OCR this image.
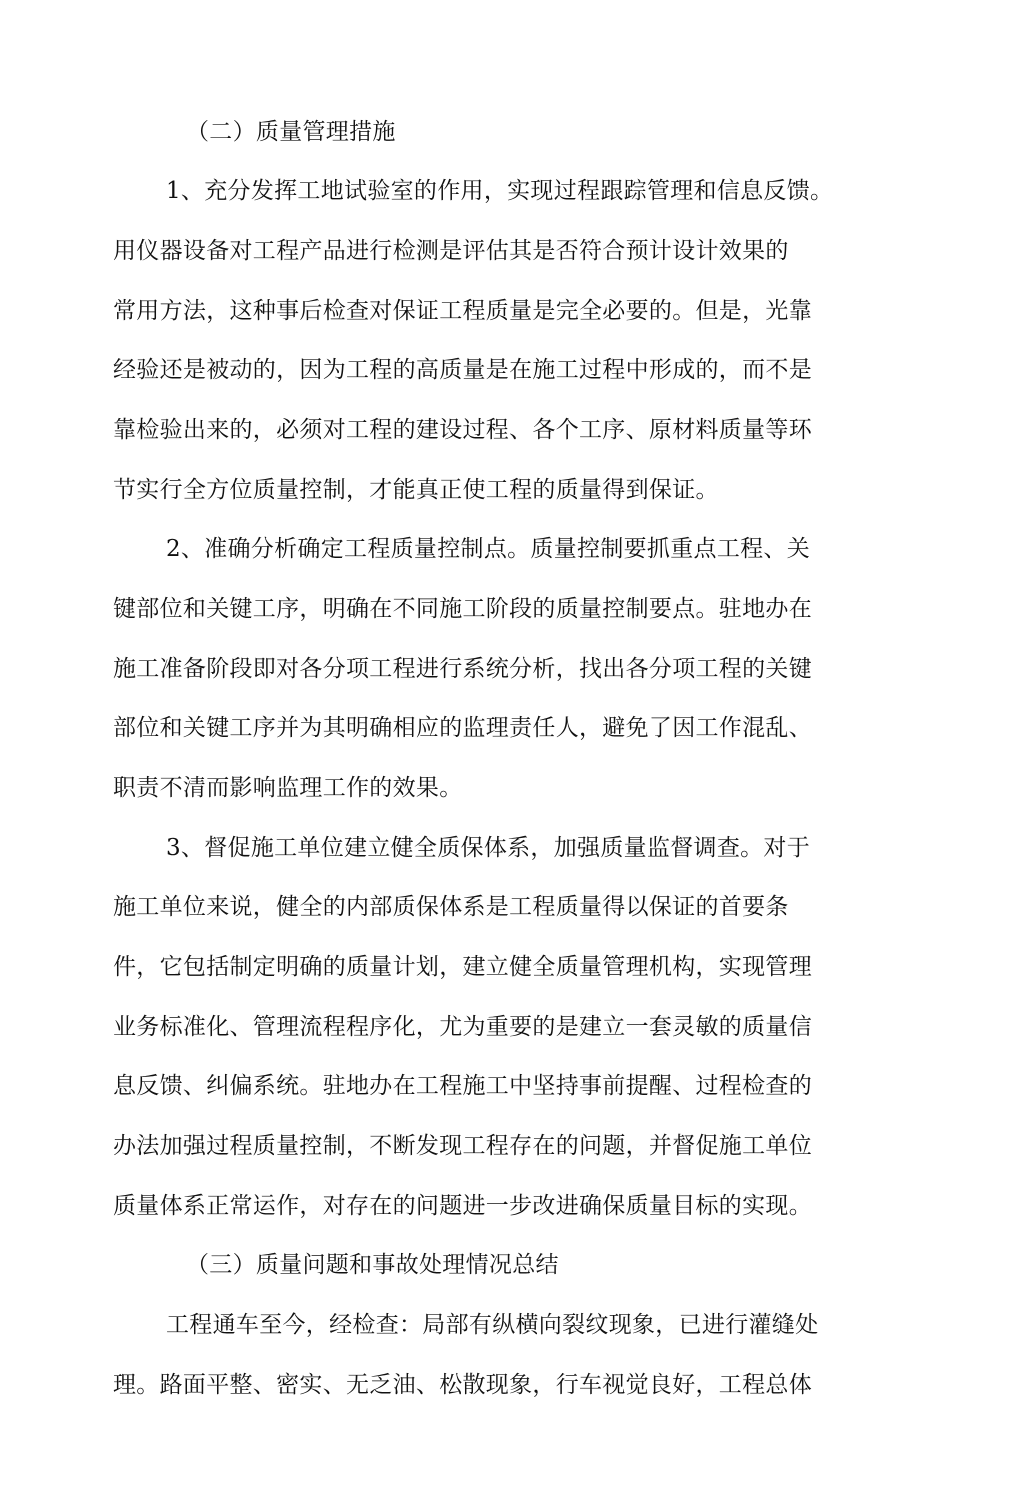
（二）质量管理措施
1、充分发挥工地试验室的作用，实现过程跟踪管理和信息反馈。
用仪器设备对工程产品进行检测是评估其是否符合预计设计效果的
常用方法，这种事后检查对保证工程质量是完全必要的。但是，光靠
经验还是被动的，因为工程的高质量是在施工过程中形成的，而不是
靠检验出来的，必须对工程的建设过程、各个工序、原材料质量等环
节实行全方位质量控制，才能真正使工程的质量得到保证。
2、准确分析确定工程质量控制点。质量控制要抓重点工程、关
键部位和关键工序，明确在不同施工阶段的质量控制要点。驻地办在
施工准备阶段即对各分项工程进行系统分析，找出各分项工程的关键
部位和关键工序并为其明确相应的监理责任人，避免了因工作混乱、
职责不清而影响监理工作的效果。
3、督促施工单位建立健全质保体系，加强质量监督调查。对于
施工单位来说，健全的内部质保体系是工程质量得以保证的首要条
件，它包括制定明确的质量计划，建立健全质量管理机构，实现管理
业务标准化、管理流程程序化，尤为重要的是建立一套灵敏的质量信
息反馈、纠偏系统。驻地办在工程施工中坚持事前提醒、过程检查的
办法加强过程质量控制，不断发现工程存在的问题，并督促施工单位
质量体系正常运作，对存在的问题进一步改进确保质量目标的实现。
（三）质量问题和事故处理情况总结
工程通车至今，经检查：局部有纵横向裂纹现象，已进行灌缝处
理。路面平整、密实、无乏油、松散现象，行车视觉良好，工程总体
